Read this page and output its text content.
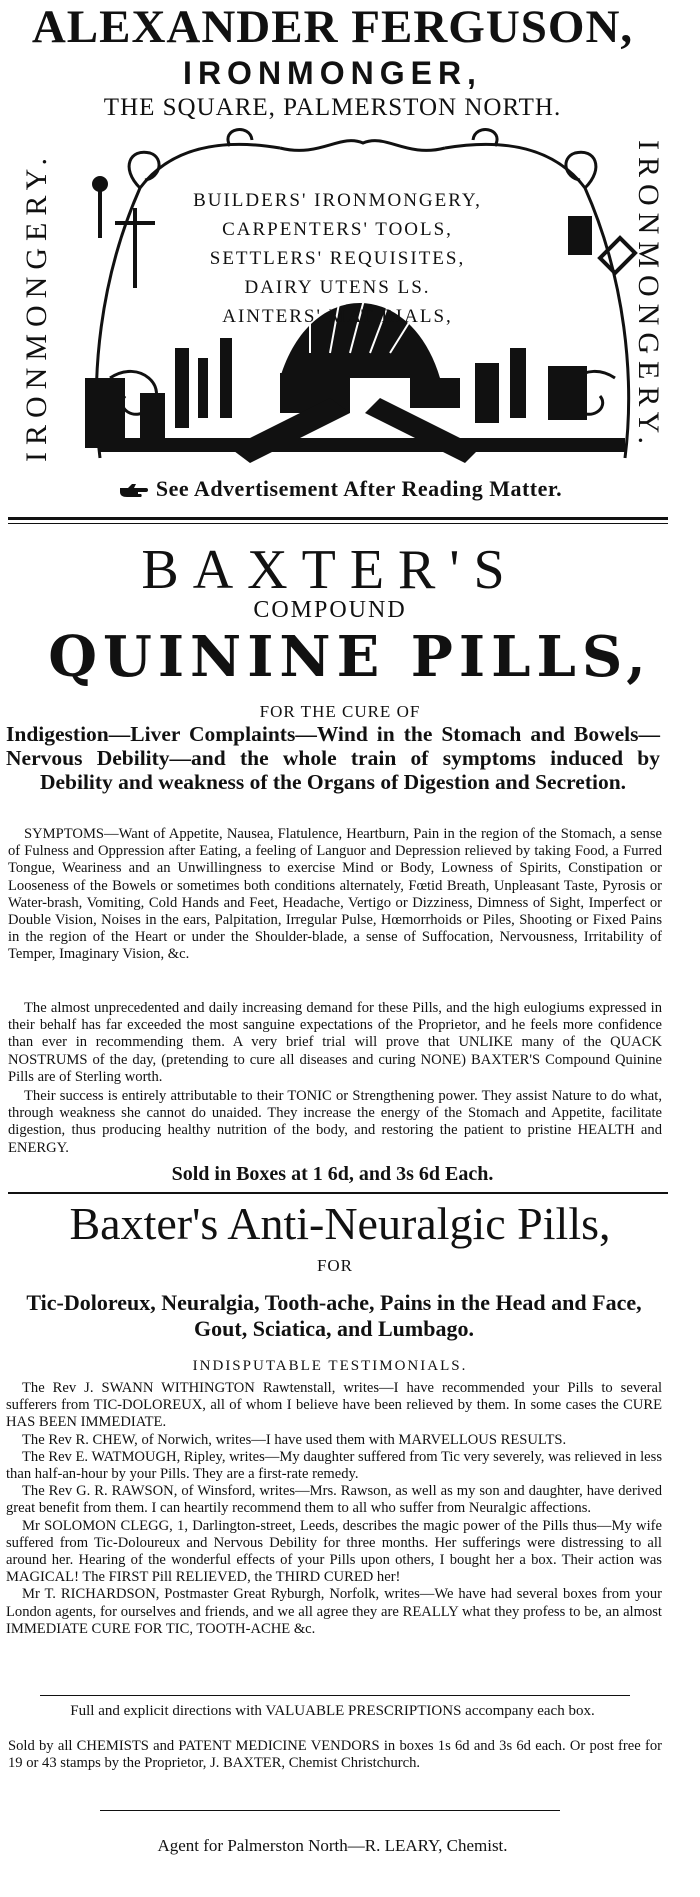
ALEXANDER FERGUSON,
IRONMONGER,
THE SQUARE, PALMERSTON NORTH.
IRONMONGERY.	IRONMONGERY.
BUILDERS' IRONMONGERY,
CARPENTERS' TOOLS,
SETTLERS' REQUISITES,
DAIRY UTENS LS.
AINTERS' MAT RIALS,
See Advertisement After Reading Matter.
BAXTER'S
COMPOUND
QUININE PILLS,
FOR THE CURE OF
Indigestion—Liver Complaints—Wind in the Stomach and Bowels—Nervous Debility—and the whole train of symptoms induced by Debility and weakness of the Organs of Digestion and Secretion.
SYMPTOMS—Want of Appetite, Nausea, Flatulence, Heartburn, Pain in the region of the Stomach, a sense of Fulness and Oppression after Eating, a feeling of Languor and Depression relieved by taking Food, a Furred Tongue, Weariness and an Unwillingness to exercise Mind or Body, Lowness of Spirits, Constipation or Looseness of the Bowels or sometimes both conditions alternately, Fœtid Breath, Unpleasant Taste, Pyrosis or Water-brash, Vomiting, Cold Hands and Feet, Headache, Vertigo or Dizziness, Dimness of Sight, Imperfect or Double Vision, Noises in the ears, Palpitation, Irregular Pulse, Hœmorrhoids or Piles, Shooting or Fixed Pains in the region of the Heart or under the Shoulder-blade, a sense of Suffocation, Nervousness, Irritability of Temper, Imaginary Vision, &c.
The almost unprecedented and daily increasing demand for these Pills, and the high eulogiums expressed in their behalf has far exceeded the most sanguine expectations of the Proprietor, and he feels more confidence than ever in recommending them. A very brief trial will prove that UNLIKE many of the QUACK NOSTRUMS of the day, (pretending to cure all diseases and curing NONE) BAXTER'S Compound Quinine Pills are of Sterling worth.
Their success is entirely attributable to their TONIC or Strengthening power. They assist Nature to do what, through weakness she cannot do unaided. They increase the energy of the Stomach and Appetite, facilitate digestion, thus producing healthy nutrition of the body, and restoring the patient to pristine HEALTH and ENERGY.
Sold in Boxes at 1 6d, and 3s 6d Each.
Baxter's Anti-Neuralgic Pills,
FOR
Tic-Doloreux, Neuralgia, Tooth-ache, Pains in the Head and Face, Gout, Sciatica, and Lumbago.
INDISPUTABLE TESTIMONIALS.

The Rev J. SWANN WITHINGTON Rawtenstall, writes—I have recommended your Pills to several sufferers from TIC-DOLOREUX, all of whom I believe have been relieved by them. In some cases the CURE HAS BEEN IMMEDIATE.

The Rev R. CHEW, of Norwich, writes—I have used them with MARVELLOUS RESULTS.

The Rev E. WATMOUGH, Ripley, writes—My daughter suffered from Tic very severely, was relieved in less than half-an-hour by your Pills. They are a first-rate remedy.

The Rev G. R. RAWSON, of Winsford, writes—Mrs. Rawson, as well as my son and daughter, have derived great benefit from them. I can heartily recommend them to all who suffer from Neuralgic affections.

Mr SOLOMON CLEGG, 1, Darlington-street, Leeds, describes the magic power of the Pills thus—My wife suffered from Tic-Doloureux and Nervous Debility for three months. Her sufferings were distressing to all around her. Hearing of the wonderful effects of your Pills upon others, I bought her a box. Their action was MAGICAL! The FIRST Pill RELIEVED, the THIRD CURED her!

Mr T. RICHARDSON, Postmaster Great Ryburgh, Norfolk, writes—We have had several boxes from your London agents, for ourselves and friends, and we all agree they are REALLY what they profess to be, an almost IMMEDIATE CURE FOR TIC, TOOTH-ACHE &c.

Full and explicit directions with VALUABLE PRESCRIPTIONS accompany each box.
Sold by all CHEMISTS and PATENT MEDICINE VENDORS in boxes 1s 6d and 3s 6d each. Or post free for 19 or 43 stamps by the Proprietor, J. BAXTER, Chemist Christchurch.
Agent for Palmerston North—R. LEARY, Chemist.
